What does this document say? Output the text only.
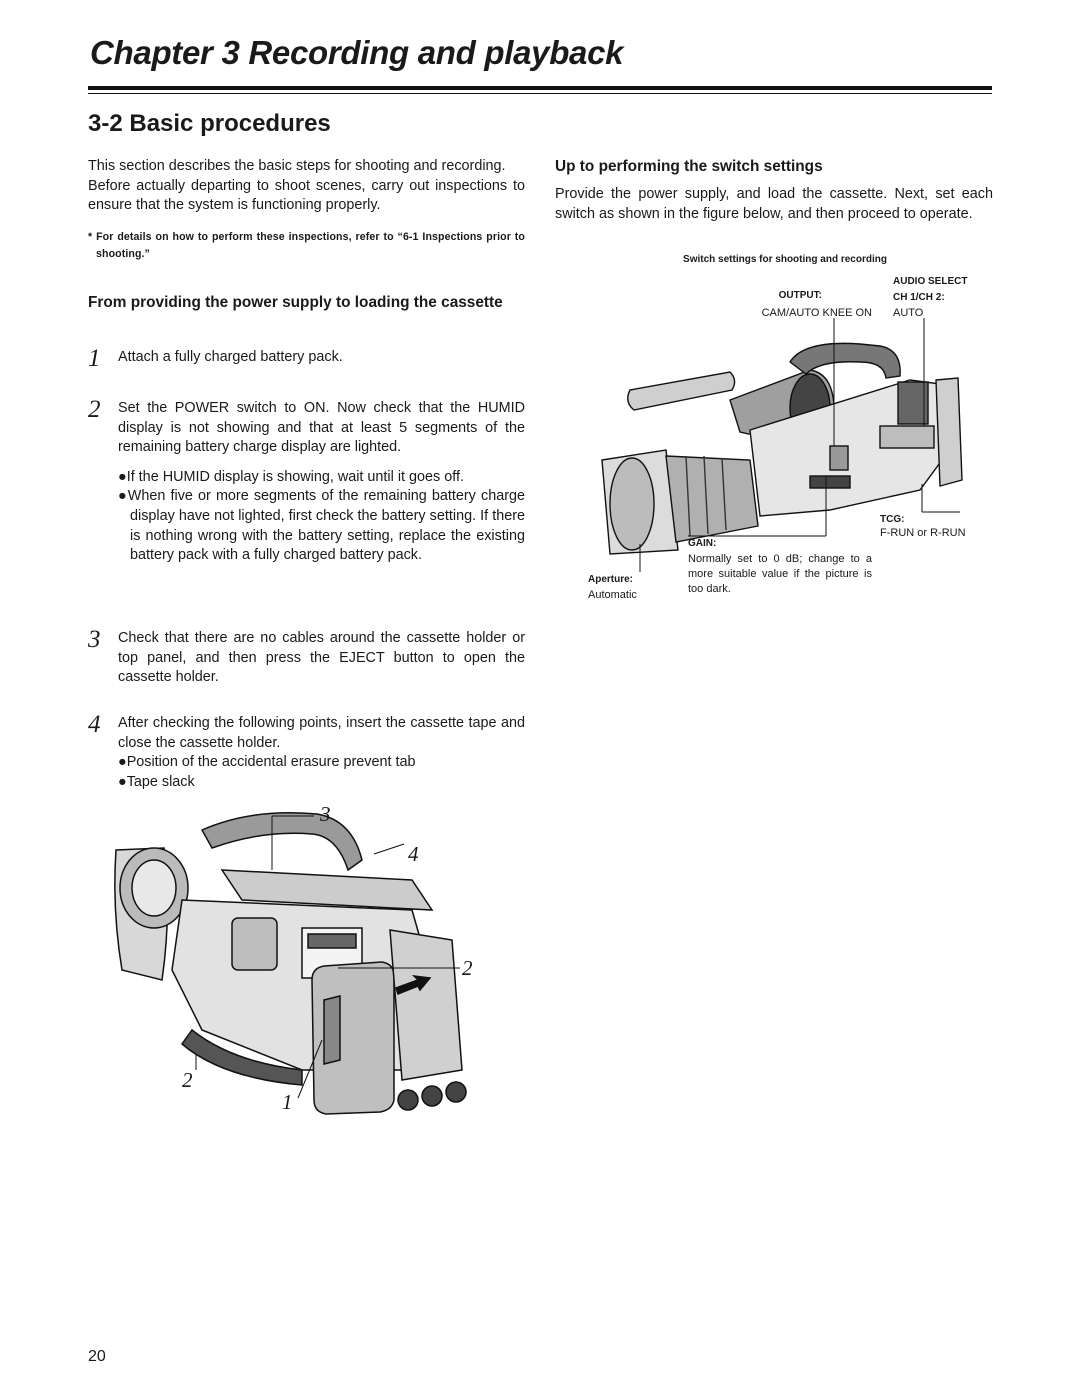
Chapter 3 Recording and playback
3-2 Basic procedures

This section describes the basic steps for shooting and recording.

Before actually departing to shoot scenes, carry out inspections to ensure that the system is functioning properly.

* For details on how to perform these inspections, refer to “6-1 Inspections prior to shooting.”

From providing the power supply to loading the cassette

1 Attach a fully charged battery pack.

2 Set the POWER switch to ON. Now check that the HUMID display is not showing and that at least 5 segments of the remaining battery charge display are lighted.

●If the HUMID display is showing, wait until it goes off.
●When five or more segments of the remaining battery charge display have not lighted, first check the battery setting. If there is nothing wrong with the battery setting, replace the existing battery pack with a fully charged battery pack.
3 Check that there are no cables around the cassette holder or top panel, and then press the EJECT button to open the cassette holder.

4 After checking the following points, insert the cassette tape and close the cassette holder.

●Position of the accidental erasure prevent tab
●Tape slack
3
4
2
2
1

Up to performing the switch settings

Provide the power supply, and load the cassette. Next, set each switch as shown in the figure below, and then proceed to operate.

Switch settings for shooting and recording
OUTPUT:
CAM/AUTO KNEE ON
AUDIO SELECT
CH 1/CH 2:
AUTO
TCG:
F-RUN or R-RUN
GAIN:
Normally set to 0 dB; change to a more suitable value if the picture is too dark.
Aperture:
Automatic
20
